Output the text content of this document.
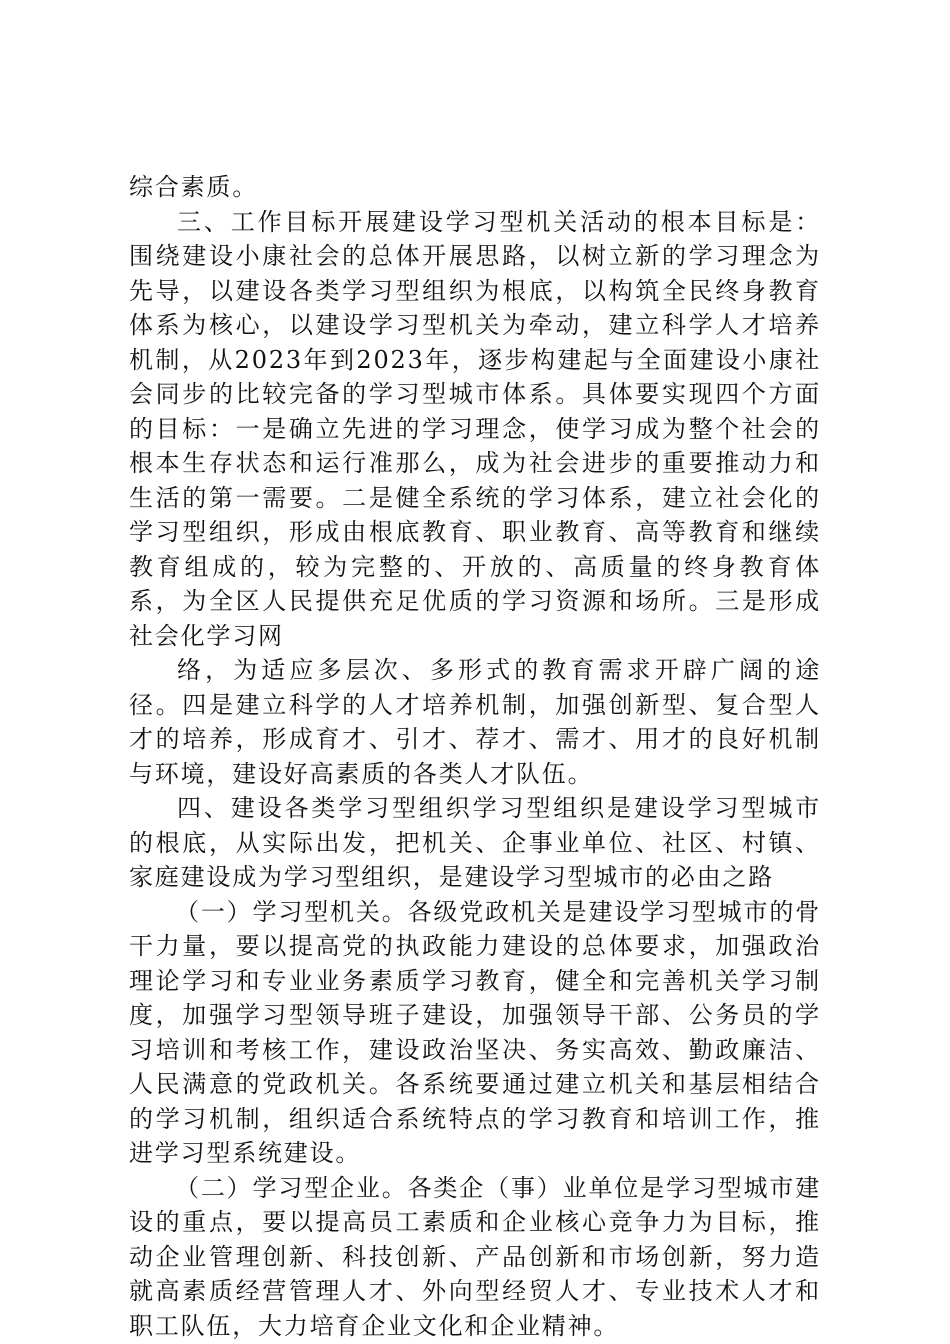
综合素质。

三、工作目标开展建设学习型机关活动的根本目标是：围绕建设小康社会的总体开展思路，以树立新的学习理念为先导，以建设各类学习型组织为根底，以构筑全民终身教育体系为核心，以建设学习型机关为牵动，建立科学人才培养机制，从2023年到2023年，逐步构建起与全面建设小康社会同步的比较完备的学习型城市体系。具体要实现四个方面的目标：一是确立先进的学习理念，使学习成为整个社会的根本生存状态和运行准那么，成为社会进步的重要推动力和生活的第一需要。二是健全系统的学习体系，建立社会化的学习型组织，形成由根底教育、职业教育、高等教育和继续教育组成的，较为完整的、开放的、高质量的终身教育体系，为全区人民提供充足优质的学习资源和场所。三是形成社会化学习网

络，为适应多层次、多形式的教育需求开辟广阔的途径。四是建立科学的人才培养机制，加强创新型、复合型人才的培养，形成育才、引才、荐才、需才、用才的良好机制与环境，建设好高素质的各类人才队伍。

四、建设各类学习型组织学习型组织是建设学习型城市的根底，从实际出发，把机关、企事业单位、社区、村镇、家庭建设成为学习型组织，是建设学习型城市的必由之路

（一）学习型机关。各级党政机关是建设学习型城市的骨干力量，要以提高党的执政能力建设的总体要求，加强政治理论学习和专业业务素质学习教育，健全和完善机关学习制度，加强学习型领导班子建设，加强领导干部、公务员的学习培训和考核工作，建设政治坚决、务实高效、勤政廉洁、人民满意的党政机关。各系统要通过建立机关和基层相结合的学习机制，组织适合系统特点的学习教育和培训工作，推进学习型系统建设。

（二）学习型企业。各类企（事）业单位是学习型城市建设的重点，要以提高员工素质和企业核心竞争力为目标，推动企业管理创新、科技创新、产品创新和市场创新，努力造就高素质经营管理人才、外向型经贸人才、专业技术人才和职工队伍，大力培育企业文化和企业精神。
